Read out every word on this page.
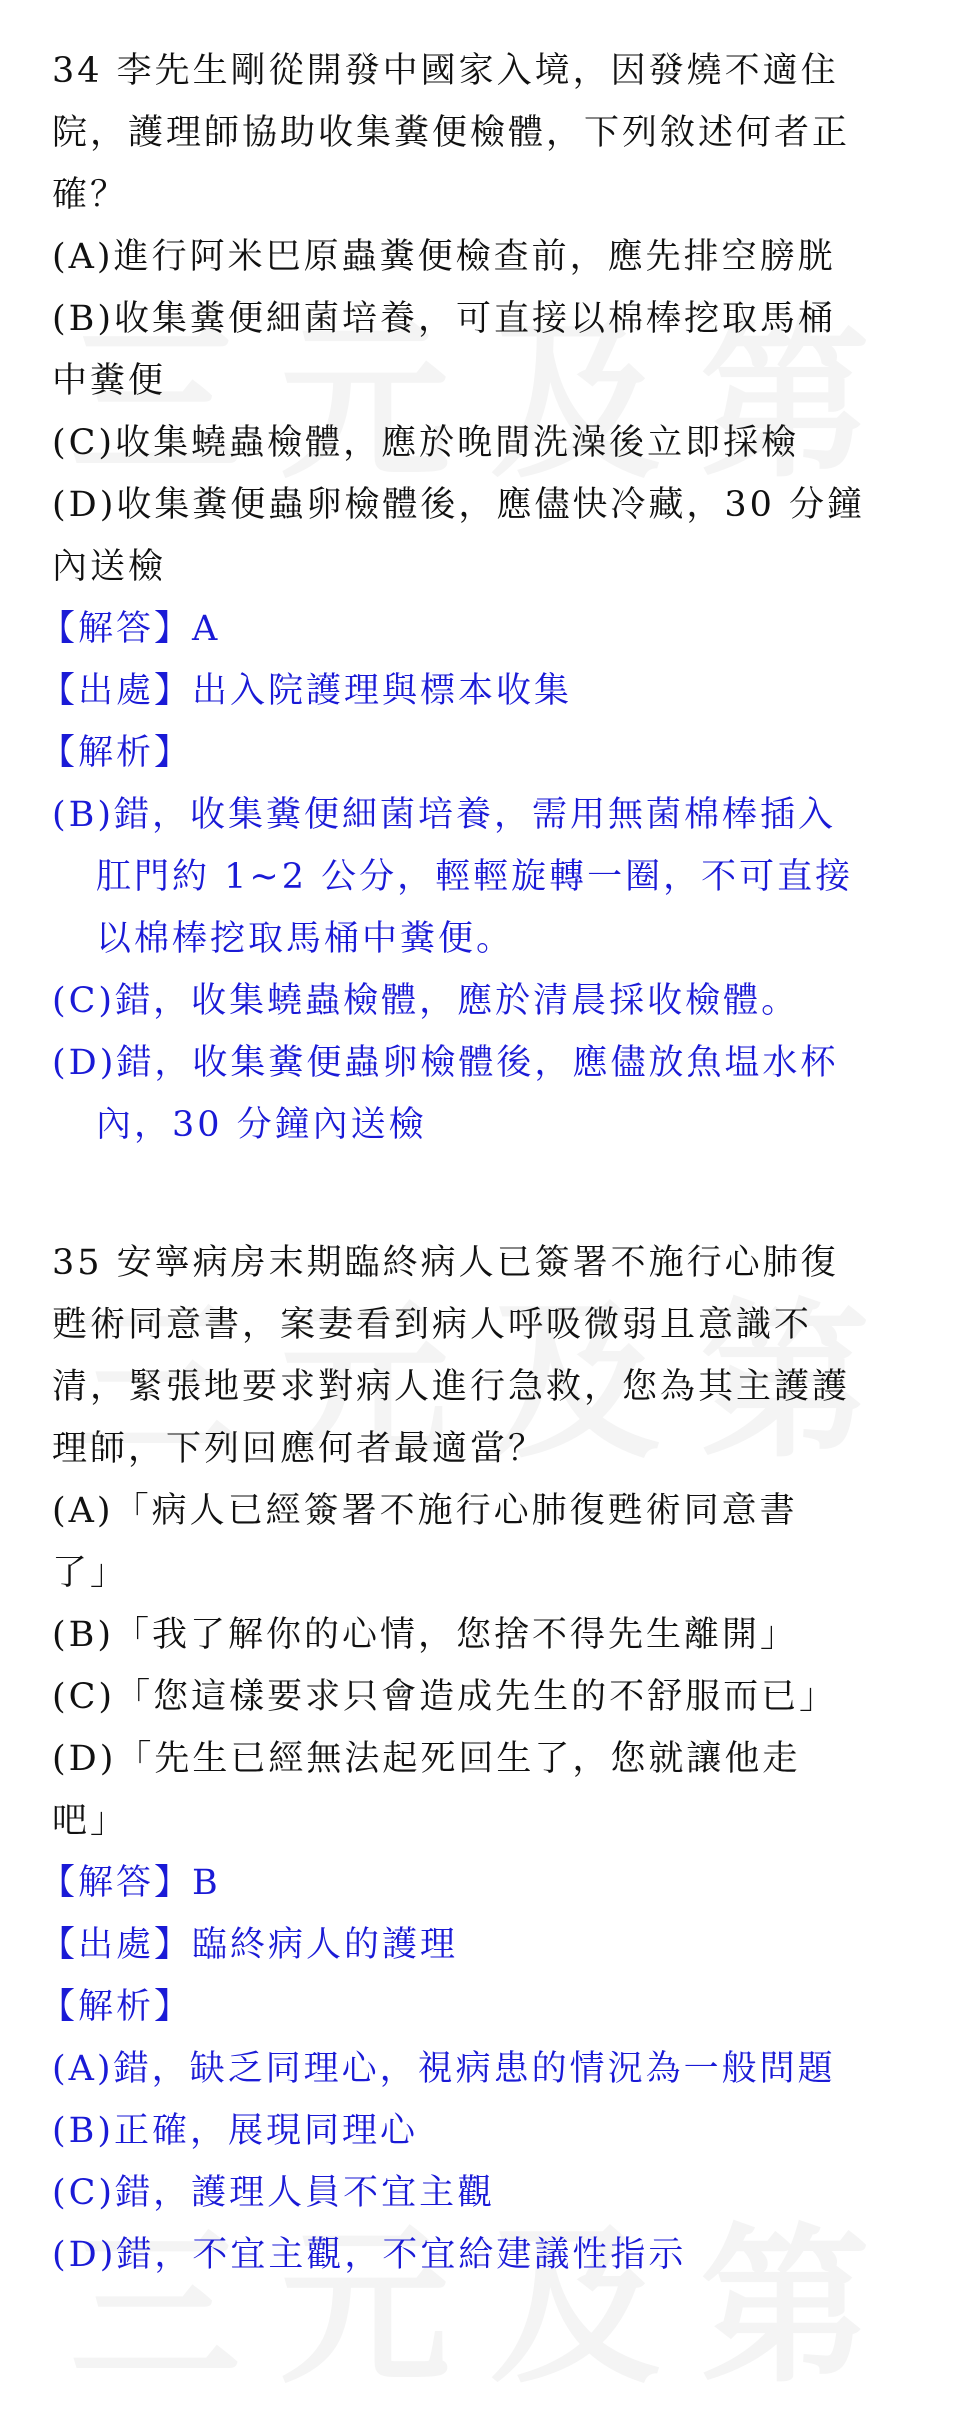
34 李先生剛從開發中國家入境，因發燒不適住

院，護理師協助收集糞便檢體，下列敘述何者正

確？

(A)進行阿米巴原蟲糞便檢查前，應先排空膀胱

(B)收集糞便細菌培養，可直接以棉棒挖取馬桶

中糞便

(C)收集蟯蟲檢體，應於晚間洗澡後立即採檢

(D)收集糞便蟲卵檢體後，應儘快冷藏，30 分鐘

內送檢

【解答】A

【出處】出入院護理與標本收集

【解析】

(B)錯，收集糞便細菌培養，需用無菌棉棒插入

肛門約 1~2 公分，輕輕旋轉一圈，不可直接

以棉棒挖取馬桶中糞便。

(C)錯，收集蟯蟲檢體，應於清晨採收檢體。

(D)錯，收集糞便蟲卵檢體後，應儘放魚塭水杯

內，30 分鐘內送檢

35 安寧病房末期臨終病人已簽署不施行心肺復

甦術同意書，案妻看到病人呼吸微弱且意識不

清，緊張地要求對病人進行急救，您為其主護護

理師，下列回應何者最適當？

(A)「病人已經簽署不施行心肺復甦術同意書

了」

(B)「我了解你的心情，您捨不得先生離開」

(C)「您這樣要求只會造成先生的不舒服而已」

(D)「先生已經無法起死回生了，您就讓他走

吧」

【解答】B

【出處】臨終病人的護理

【解析】

(A)錯，缺乏同理心，視病患的情況為一般問題

(B)正確，展現同理心

(C)錯，護理人員不宜主觀

(D)錯，不宜主觀，不宜給建議性指示
